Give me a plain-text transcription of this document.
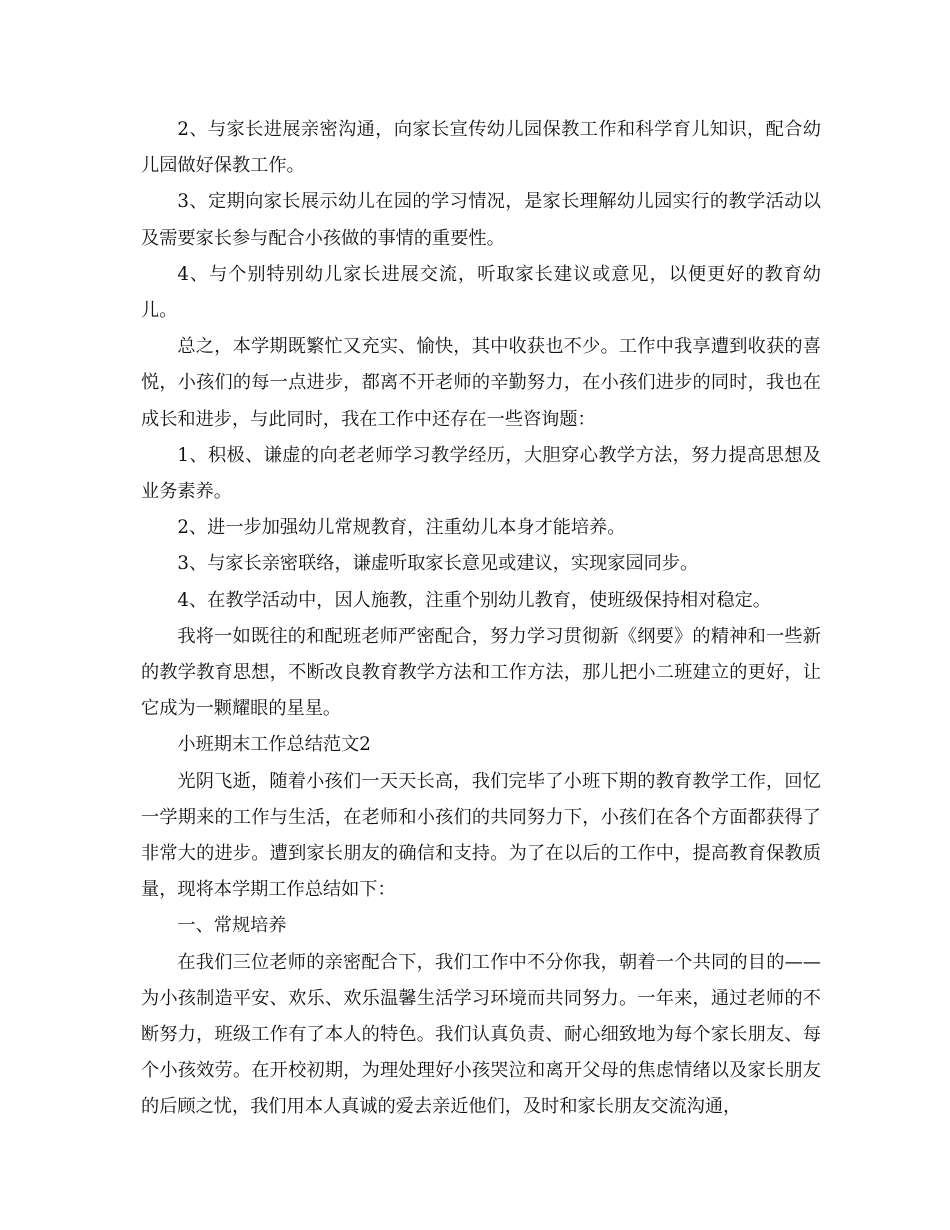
2、与家长进展亲密沟通，向家长宣传幼儿园保教工作和科学育儿知识，配合幼儿园做好保教工作。

3、定期向家长展示幼儿在园的学习情况，是家长理解幼儿园实行的教学活动以及需要家长参与配合小孩做的事情的重要性。

4、与个别特别幼儿家长进展交流，听取家长建议或意见，以便更好的教育幼儿。

总之，本学期既繁忙又充实、愉快，其中收获也不少。工作中我享遭到收获的喜悦，小孩们的每一点进步，都离不开老师的辛勤努力，在小孩们进步的同时，我也在成长和进步，与此同时，我在工作中还存在一些咨询题：

1、积极、谦虚的向老老师学习教学经历，大胆穿心教学方法，努力提高思想及业务素养。

2、进一步加强幼儿常规教育，注重幼儿本身才能培养。

3、与家长亲密联络，谦虚听取家长意见或建议，实现家园同步。

4、在教学活动中，因人施教，注重个别幼儿教育，使班级保持相对稳定。

我将一如既往的和配班老师严密配合，努力学习贯彻新《纲要》的精神和一些新的教学教育思想，不断改良教育教学方法和工作方法，那儿把小二班建立的更好，让它成为一颗耀眼的星星。

小班期末工作总结范文2

光阴飞逝，随着小孩们一天天长高，我们完毕了小班下期的教育教学工作，回忆一学期来的工作与生活，在老师和小孩们的共同努力下，小孩们在各个方面都获得了非常大的进步。遭到家长朋友的确信和支持。为了在以后的工作中，提高教育保教质量，现将本学期工作总结如下：

一、常规培养

在我们三位老师的亲密配合下，我们工作中不分你我，朝着一个共同的目的——为小孩制造平安、欢乐、欢乐温馨生活学习环境而共同努力。一年来，通过老师的不断努力，班级工作有了本人的特色。我们认真负责、耐心细致地为每个家长朋友、每个小孩效劳。在开校初期，为理处理好小孩哭泣和离开父母的焦虑情绪以及家长朋友的后顾之忧，我们用本人真诚的爱去亲近他们，及时和家长朋友交流沟通，
